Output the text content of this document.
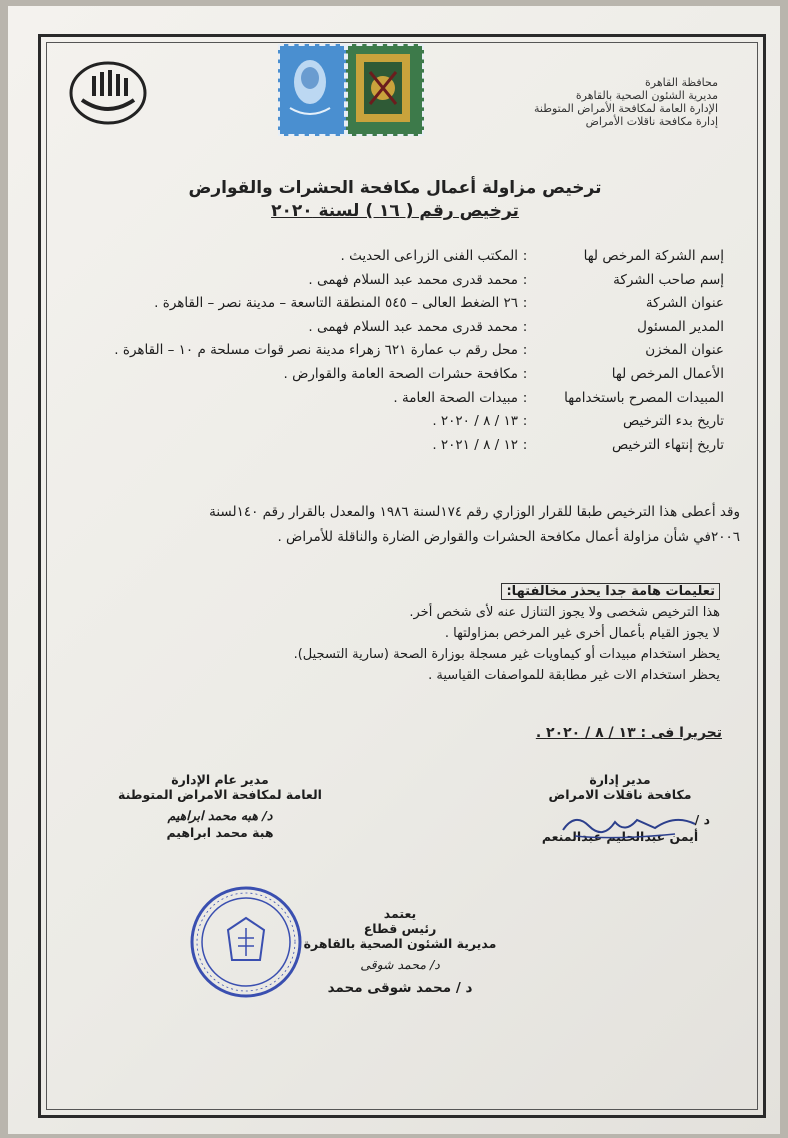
محافظة القاهرة
مديرية الشئون الصحية بالقاهرة
الإدارة العامة لمكافحة الأمراض المتوطنة
إدارة مكافحة ناقلات الأمراض
ترخيص مزاولة أعمال مكافحة الحشرات والقوارض
ترخيص رقم ( ١٦ ) لسنة ٢٠٢٠
إسم الشركة المرخص لها
:
المكتب الفنى الزراعى الحديث .
إسم صاحب الشركة
:
محمد قدرى محمد عبد السلام فهمى .
عنوان الشركة
:
٢٦ الضغط العالى – ٥٤٥ المنطقة التاسعة – مدينة نصر – القاهرة .
المدير المسئول
:
محمد قدرى محمد عبد السلام فهمى .
عنوان المخزن
:
محل رقم ب عمارة ٦٢١ زهراء مدينة نصر قوات مسلحة م ١٠ – القاهرة .
الأعمال المرخص لها
:
مكافحة حشرات الصحة العامة والقوارض .
المبيدات المصرح باستخدامها
:
مبيدات الصحة العامة .
تاريخ بدء الترخيص
:
١٣ / ٨ / ٢٠٢٠ .
تاريخ إنتهاء الترخيص
:
١٢ / ٨ / ٢٠٢١ .
وقد أعطى هذا الترخيص طبقا للقرار الوزاري رقم ١٧٤لسنة ١٩٨٦ والمعدل بالقرار رقم ١٤٠لسنة
٢٠٠٦في شأن مزاولة أعمال مكافحة الحشرات والقوارض الضارة والناقلة للأمراض .
تعليمات هامة جدا يحذر مخالفتها:
هذا الترخيص شخصى ولا يجوز التنازل عنه لأى شخص أخر.
لا يجوز القيام بأعمال أخرى غير المرخص بمزاولتها .
يحظر استخدام مبيدات أو كيماويات غير مسجلة بوزارة الصحة (سارية التسجيل).
يحظر استخدام الات غير مطابقة للمواصفات القياسية .
تحريرا فى : ١٣ / ٨ / ٢٠٢٠ .
مدير إدارة
مكافحة ناقلات الامراض
د /
أيمن عبدالحليم عبدالمنعم
مدير عام الإدارة
العامة لمكافحة الامراض المتوطنة
د/ هبه محمد ابراهيم
هبة محمد ابراهيم
يعتمد
رئيس قطاع
مديرية الشئون الصحية بالقاهرة
د/ محمد شوقى
د / محمد شوقى محمد
